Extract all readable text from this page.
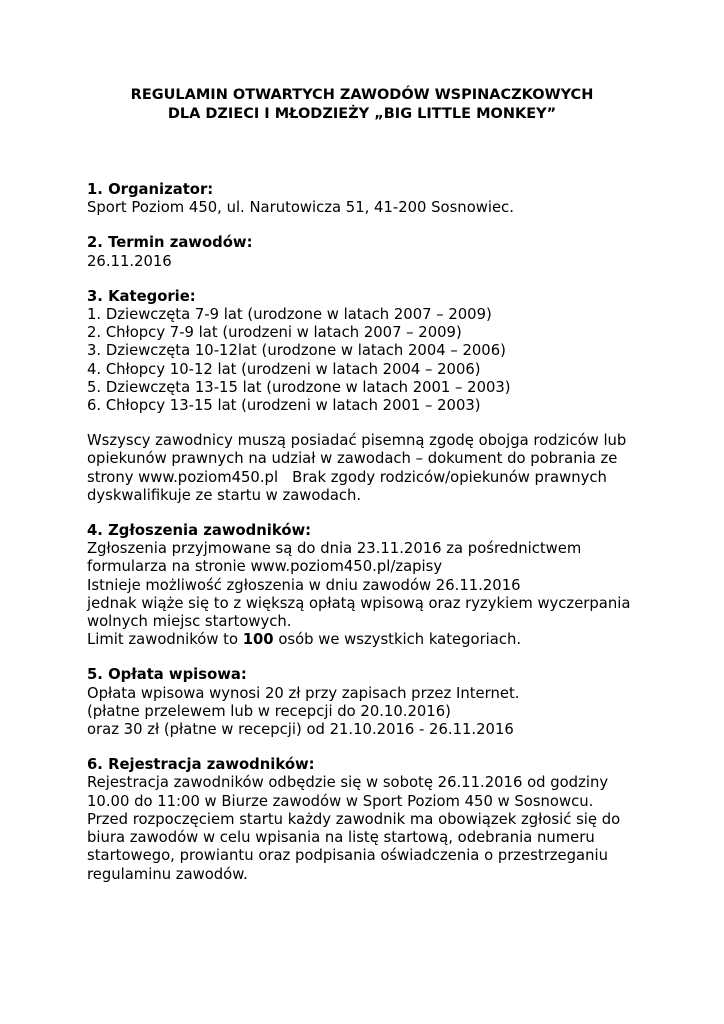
REGULAMIN OTWARTYCH ZAWODÓW WSPINACZKOWYCH
DLA DZIECI I MŁODZIEŻY „BIG LITTLE MONKEY”
1. Organizator:
Sport Poziom 450, ul. Narutowicza 51, 41-200 Sosnowiec.
2. Termin zawodów:
26.11.2016
3. Kategorie:
1. Dziewczęta 7-9 lat (urodzone w latach 2007 – 2009)
2. Chłopcy 7-9 lat (urodzeni w latach 2007 – 2009)
3. Dziewczęta 10-12lat (urodzone w latach 2004 – 2006)
4. Chłopcy 10-12 lat (urodzeni w latach 2004 – 2006)
5. Dziewczęta 13-15 lat (urodzone w latach 2001 – 2003)
6. Chłopcy 13-15 lat (urodzeni w latach 2001 – 2003)
Wszyscy zawodnicy muszą posiadać pisemną zgodę obojga rodziców lub
opiekunów prawnych na udział w zawodach – dokument do pobrania ze
strony www.poziom450.pl   Brak zgody rodziców/opiekunów prawnych
dyskwalifikuje ze startu w zawodach.
4. Zgłoszenia zawodników:
Zgłoszenia przyjmowane są do dnia 23.11.2016 za pośrednictwem
formularza na stronie www.poziom450.pl/zapisy
Istnieje możliwość zgłoszenia w dniu zawodów 26.11.2016
jednak wiąże się to z większą opłatą wpisową oraz ryzykiem wyczerpania
wolnych miejsc startowych.
Limit zawodników to 100 osób we wszystkich kategoriach.
5. Opłata wpisowa:
Opłata wpisowa wynosi 20 zł przy zapisach przez Internet.
(płatne przelewem lub w recepcji do 20.10.2016)
oraz 30 zł (płatne w recepcji) od 21.10.2016 - 26.11.2016
6. Rejestracja zawodników:
Rejestracja zawodników odbędzie się w sobotę 26.11.2016 od godziny
10.00 do 11:00 w Biurze zawodów w Sport Poziom 450 w Sosnowcu.
Przed rozpoczęciem startu każdy zawodnik ma obowiązek zgłosić się do
biura zawodów w celu wpisania na listę startową, odebrania numeru
startowego, prowiantu oraz podpisania oświadczenia o przestrzeganiu
regulaminu zawodów.
